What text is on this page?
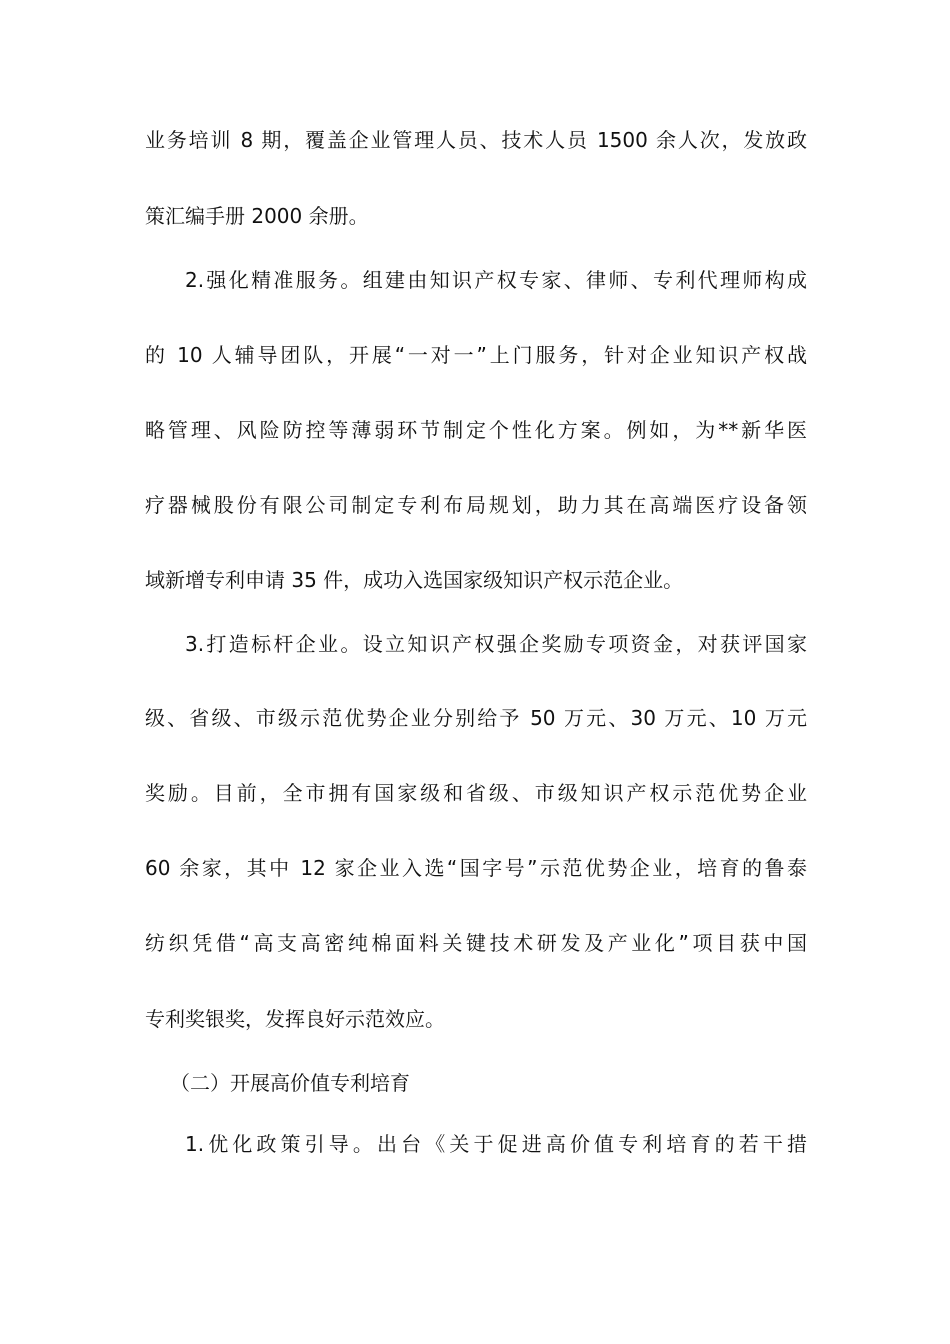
业务培训 8 期，覆盖企业管理人员、技术人员 1500 余人次，发放政
策汇编手册 2000 余册。
2.强化精准服务。组建由知识产权专家、律师、专利代理师构成
的 10 人辅导团队，开展“一对一”上门服务，针对企业知识产权战
略管理、风险防控等薄弱环节制定个性化方案。例如，为**新华医
疗器械股份有限公司制定专利布局规划，助力其在高端医疗设备领
域新增专利申请 35 件，成功入选国家级知识产权示范企业。
3.打造标杆企业。设立知识产权强企奖励专项资金，对获评国家
级、省级、市级示范优势企业分别给予 50 万元、30 万元、10 万元
奖励。目前，全市拥有国家级和省级、市级知识产权示范优势企业
60 余家，其中 12 家企业入选“国字号”示范优势企业，培育的鲁泰
纺织凭借“高支高密纯棉面料关键技术研发及产业化”项目获中国
专利奖银奖，发挥良好示范效应。
（二）开展高价值专利培育
1.优化政策引导。出台《关于促进高价值专利培育的若干措
